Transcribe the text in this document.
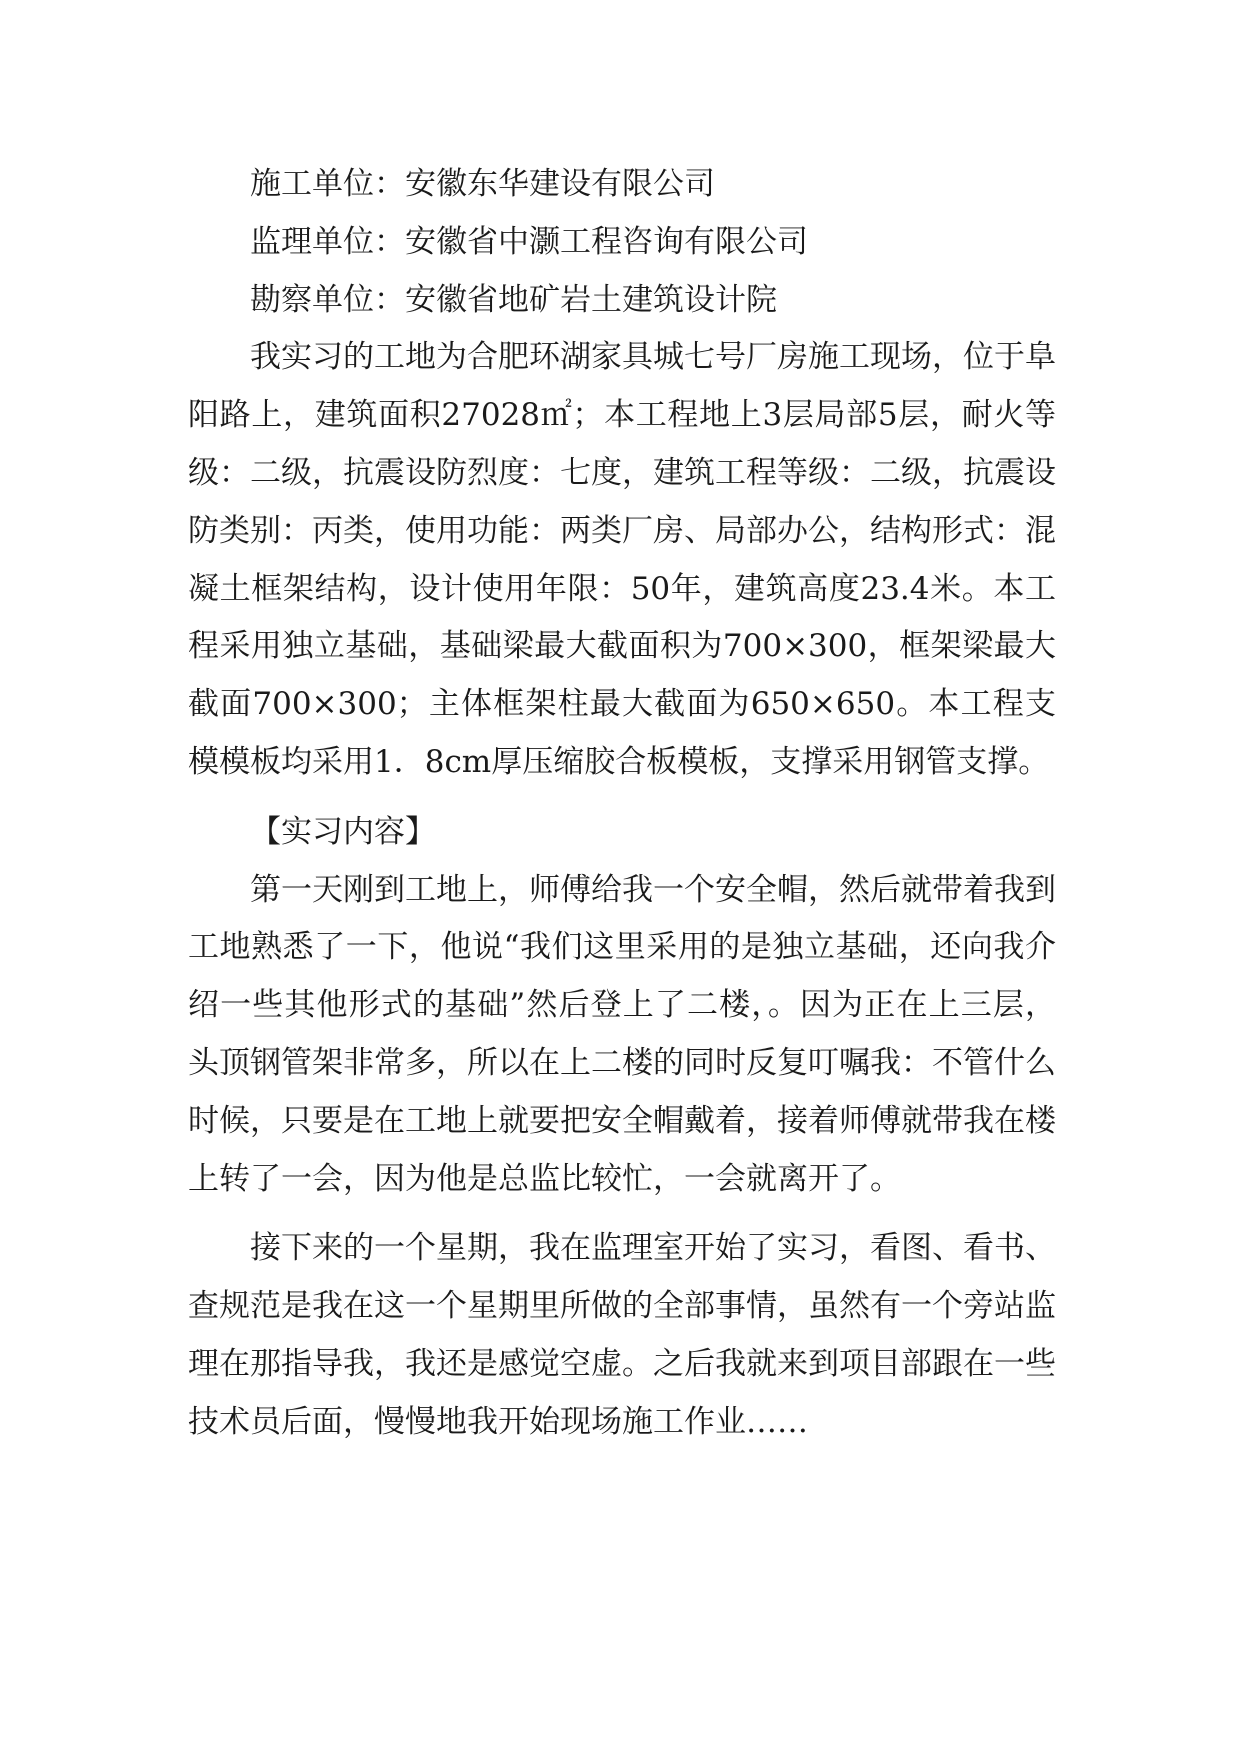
施工单位：安徽东华建设有限公司

监理单位：安徽省中灏工程咨询有限公司

勘察单位：安徽省地矿岩土建筑设计院

我实习的工地为合肥环湖家具城七号厂房施工现场，位于阜阳路上，建筑面积27028㎡；本工程地上3层局部5层，耐火等级：二级，抗震设防烈度：七度，建筑工程等级：二级，抗震设防类别：丙类，使用功能：两类厂房、局部办公，结构形式：混凝土框架结构，设计使用年限：50年，建筑高度23.4米。本工程采用独立基础，基础梁最大截面积为700×300，框架梁最大截面700×300；主体框架柱最大截面为650×650。本工程支模模板均采用1．8cm厚压缩胶合板模板，支撑采用钢管支撑。

【实习内容】

第一天刚到工地上，师傅给我一个安全帽，然后就带着我到工地熟悉了一下，他说“我们这里采用的是独立基础，还向我介绍一些其他形式的基础”然后登上了二楼，。因为正在上三层，头顶钢管架非常多，所以在上二楼的同时反复叮嘱我：不管什么时候，只要是在工地上就要把安全帽戴着，接着师傅就带我在楼上转了一会，因为他是总监比较忙，一会就离开了。

接下来的一个星期，我在监理室开始了实习，看图、看书、查规范是我在这一个星期里所做的全部事情，虽然有一个旁站监理在那指导我，我还是感觉空虚。之后我就来到项目部跟在一些技术员后面，慢慢地我开始现场施工作业……
